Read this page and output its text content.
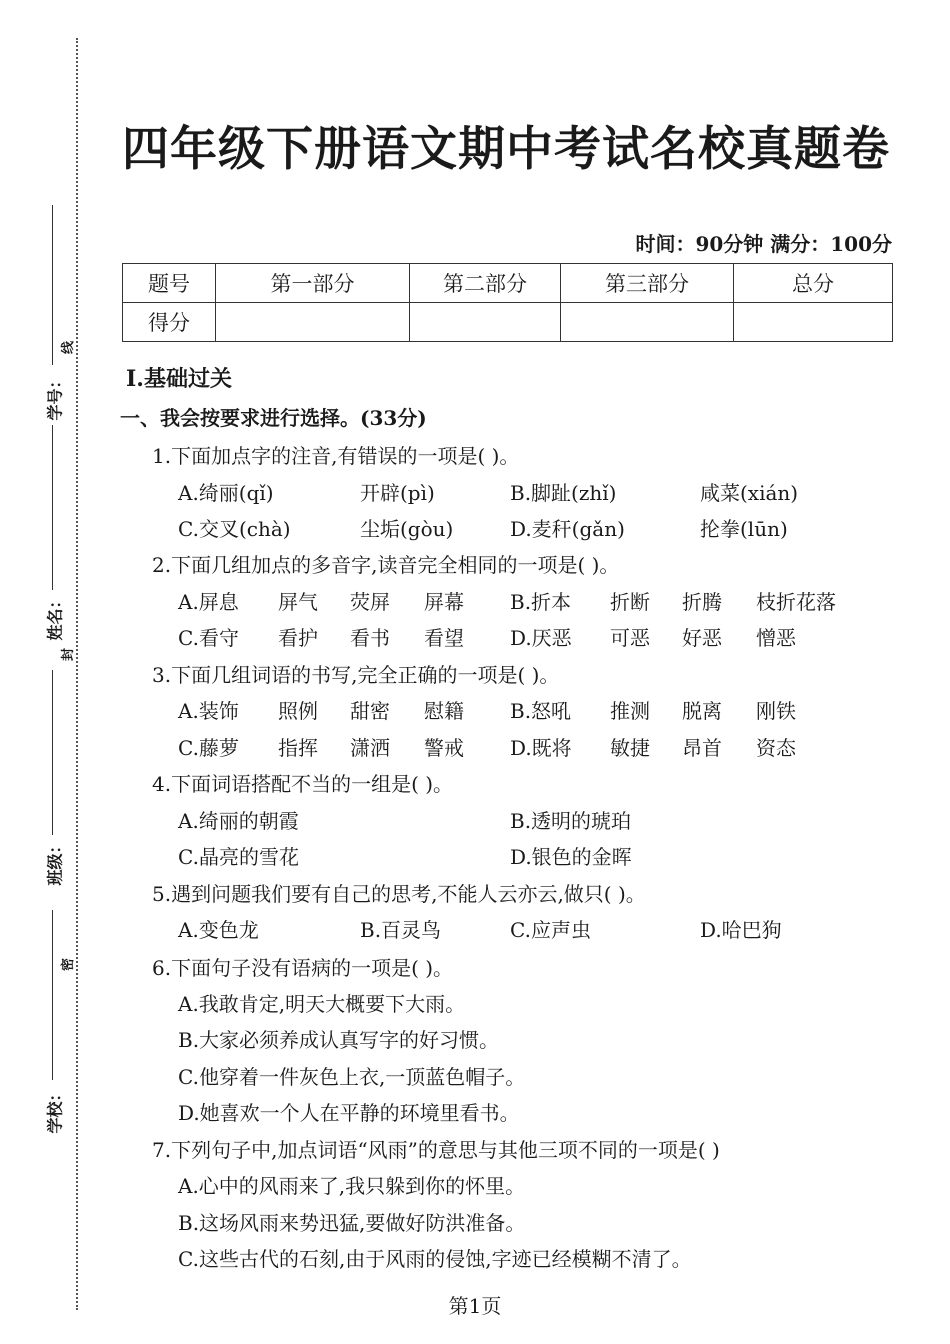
学号：
线
姓名：
封
班级：
密
学校：
四年级下册语文期中考试名校真题卷
时间：90分钟 满分：100分
题号	第一部分	第二部分	第三部分	总分
得分				
Ⅰ.基础过关
一、我会按要求进行选择。(33分)
1.下面加点字的注音,有错误的一项是( )。
A.绮丽(qǐ)	开辟(pì)	B.脚趾(zhǐ)	咸菜(xián)
C.交叉(chà)	尘垢(gòu)	D.麦秆(gǎn)	抡拳(lūn)
2.下面几组加点的多音字,读音完全相同的一项是( )。
A.屏息 屏气 荧屏 屏幕 B.折本 折断 折腾 枝折花落
C.看守 看护 看书 看望 D.厌恶 可恶 好恶 憎恶
3.下面几组词语的书写,完全正确的一项是( )。
A.装饰 照例 甜密 慰籍 B.怒吼 推测 脱离 刚铁
C.藤萝 指挥 潇洒 警戒 D.既将 敏捷 昂首 资态
4.下面词语搭配不当的一组是( )。
A.绮丽的朝霞	B.透明的琥珀
C.晶亮的雪花	D.银色的金晖
5.遇到问题我们要有自己的思考,不能人云亦云,做只( )。
A.变色龙	B.百灵鸟	C.应声虫	D.哈巴狗
6.下面句子没有语病的一项是( )。
A.我敢肯定,明天大概要下大雨。
B.大家必须养成认真写字的好习惯。
C.他穿着一件灰色上衣,一顶蓝色帽子。
D.她喜欢一个人在平静的环境里看书。
7.下列句子中,加点词语“风雨”的意思与其他三项不同的一项是( )
A.心中的风雨来了,我只躲到你的怀里。
B.这场风雨来势迅猛,要做好防洪准备。
C.这些古代的石刻,由于风雨的侵蚀,字迹已经模糊不清了。
第1页
